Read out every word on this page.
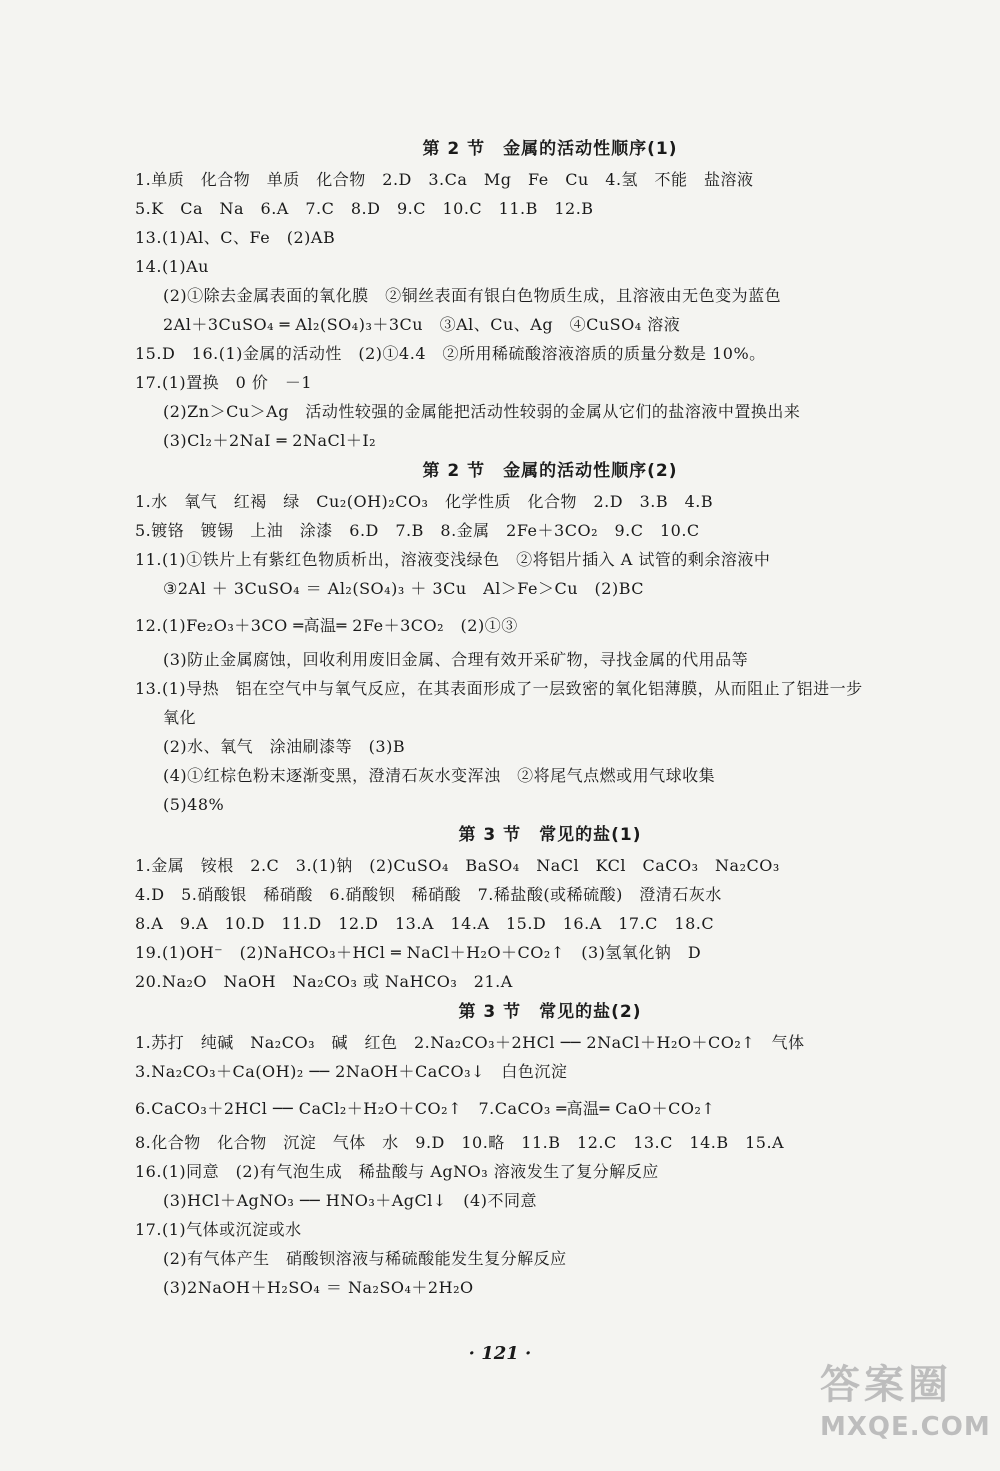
第 2 节　金属的活动性顺序(1)
1.单质　化合物　单质　化合物　2.D　3.Ca　Mg　Fe　Cu　4.氢　不能　盐溶液
5.K　Ca　Na　6.A　7.C　8.D　9.C　10.C　11.B　12.B
13.(1)Al、C、Fe　(2)AB
14.(1)Au
(2)①除去金属表面的氧化膜　②铜丝表面有银白色物质生成，且溶液由无色变为蓝色
2Al＋3CuSO₄ ═ Al₂(SO₄)₃＋3Cu　③Al、Cu、Ag　④CuSO₄ 溶液
15.D　16.(1)金属的活动性　(2)①4.4　②所用稀硫酸溶液溶质的质量分数是 10%。
17.(1)置换　0 价　－1
(2)Zn＞Cu＞Ag　活动性较强的金属能把活动性较弱的金属从它们的盐溶液中置换出来
(3)Cl₂＋2NaI ═ 2NaCl＋I₂
第 2 节　金属的活动性顺序(2)
1.水　氧气　红褐　绿　Cu₂(OH)₂CO₃　化学性质　化合物　2.D　3.B　4.B
5.镀铬　镀锡　上油　涂漆　6.D　7.B　8.金属　2Fe＋3CO₂　9.C　10.C
11.(1)①铁片上有紫红色物质析出，溶液变浅绿色　②将铝片插入 A 试管的剩余溶液中
③2Al ＋ 3CuSO₄ ＝ Al₂(SO₄)₃ ＋ 3Cu　Al＞Fe＞Cu　(2)BC
12.(1)Fe₂O₃＋3CO ═高温═ 2Fe＋3CO₂　(2)①③
(3)防止金属腐蚀，回收利用废旧金属、合理有效开采矿物，寻找金属的代用品等
13.(1)导热　铝在空气中与氧气反应，在其表面形成了一层致密的氧化铝薄膜，从而阻止了铝进一步
氧化
(2)水、氧气　涂油刷漆等　(3)B
(4)①红棕色粉末逐渐变黑，澄清石灰水变浑浊　②将尾气点燃或用气球收集
(5)48%
第 3 节　常见的盐(1)
1.金属　铵根　2.C　3.(1)钠　(2)CuSO₄　BaSO₄　NaCl　KCl　CaCO₃　Na₂CO₃
4.D　5.硝酸银　稀硝酸　6.硝酸钡　稀硝酸　7.稀盐酸(或稀硫酸)　澄清石灰水
8.A　9.A　10.D　11.D　12.D　13.A　14.A　15.D　16.A　17.C　18.C
19.(1)OH⁻　(2)NaHCO₃＋HCl ═ NaCl＋H₂O＋CO₂↑　(3)氢氧化钠　D
20.Na₂O　NaOH　Na₂CO₃ 或 NaHCO₃　21.A
第 3 节　常见的盐(2)
1.苏打　纯碱　Na₂CO₃　碱　红色　2.Na₂CO₃＋2HCl ── 2NaCl＋H₂O＋CO₂↑　气体
3.Na₂CO₃＋Ca(OH)₂ ── 2NaOH＋CaCO₃↓　白色沉淀
6.CaCO₃＋2HCl ── CaCl₂＋H₂O＋CO₂↑　7.CaCO₃ ═高温═ CaO＋CO₂↑
8.化合物　化合物　沉淀　气体　水　9.D　10.略　11.B　12.C　13.C　14.B　15.A
16.(1)同意　(2)有气泡生成　稀盐酸与 AgNO₃ 溶液发生了复分解反应
(3)HCl＋AgNO₃ ── HNO₃＋AgCl↓　(4)不同意
17.(1)气体或沉淀或水
(2)有气体产生　硝酸钡溶液与稀硫酸能发生复分解反应
(3)2NaOH＋H₂SO₄ ＝ Na₂SO₄＋2H₂O
· 121 ·
答案圈
MXQE.COM
